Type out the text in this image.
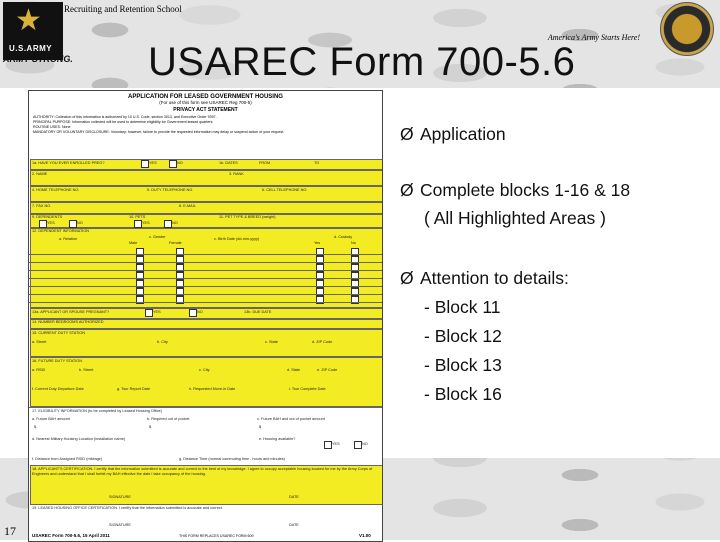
★
U.S.ARMY
ARMY STRONG.
Recruiting and Retention School
America's Army Starts Here!
USAREC Form 700-5.6
APPLICATION FOR LEASED GOVERNMENT HOUSING
(For use of this form see USAREC Reg 700-5)
PRIVACY ACT STATEMENT
AUTHORITY: Collection of this information is authorized by 10 U.S. Code, section 3013, and Executive Order 9397.
PRINCIPAL PURPOSE: Information collected will be used to determine eligibility for Government leased quarters.
ROUTINE USES: None
MANDATORY OR VOLUNTARY DISCLOSURE: Voluntary; however, failure to provide the requested information may delay or suspend action of your request.
1a. HAVE YOU EVER ENROLLED PREG?	YES	NO	1b. DATES	FROM	TO
2. NAME	3. RANK
4. HOME TELEPHONE NO.	5. DUTY TELEPHONE NO.	6. CELL TELEPHONE NO.
7. FAX NO.	8. E-MAIL
9. DEPENDENTS
YES	NO
10. PETS
YES	NO
11. PET TYPE & BREED (weight)
12. DEPENDENT INFORMATION
a. Relation	c. Gender
Male	Female
c. Birth Date (dd-mm-yyyy)	d. Custody
Yes	No
13a. APPLICANT OR SPOUSE PREGNANT?	YES	NO	13b. DUE DATE
14. NUMBER BEDROOMS AUTHORIZED
15. CURRENT DUTY STATION
a. Street	b. City	c. State	d. ZIP Code
16. FUTURE DUTY STATION
a. RSID	b. Street	c. City	d. State	e. ZIP Code
f. Current Duty Departure Date	g. Tour Report Date	h. Requested Move-in Date	i. Tour Complete Date
17. ELIGIBILITY INFORMATION (to be completed by Leased Housing Office)
a. Future BAH amount	b. Required out of pocket	c. Future BAH and out of pocket amount
$	$	$
d. Nearest Military Housing Location (installation name)	e. Housing available?
YES	NO
f. Distance from Assigned RSID (mileage)	g. Distance Time (normal commuting time - hours and minutes)
18. APPLICANT'S CERTIFICATION. I certify that the information submitted is accurate and correct to the best of my knowledge. I agree to occupy acceptable housing located for me by the Army Corps of Engineers and understand that I shall forfeit my BAH effective the date I take occupancy of the housing.
SIGNATURE	DATE
19. LEASED HOUSING OFFICE CERTIFICATION. I certify that the information submitted is accurate and correct.
SIGNATURE	DATE
USAREC Form 700-5.6, 15 April 2011	THIS FORM REPLACES USAREC FORM 609	V1.00
17
Ø Application
Ø Complete blocks 1-16 & 18
( All Highlighted Areas )
Ø Attention to details:
- Block 11
- Block 12
- Block 13
- Block 16
